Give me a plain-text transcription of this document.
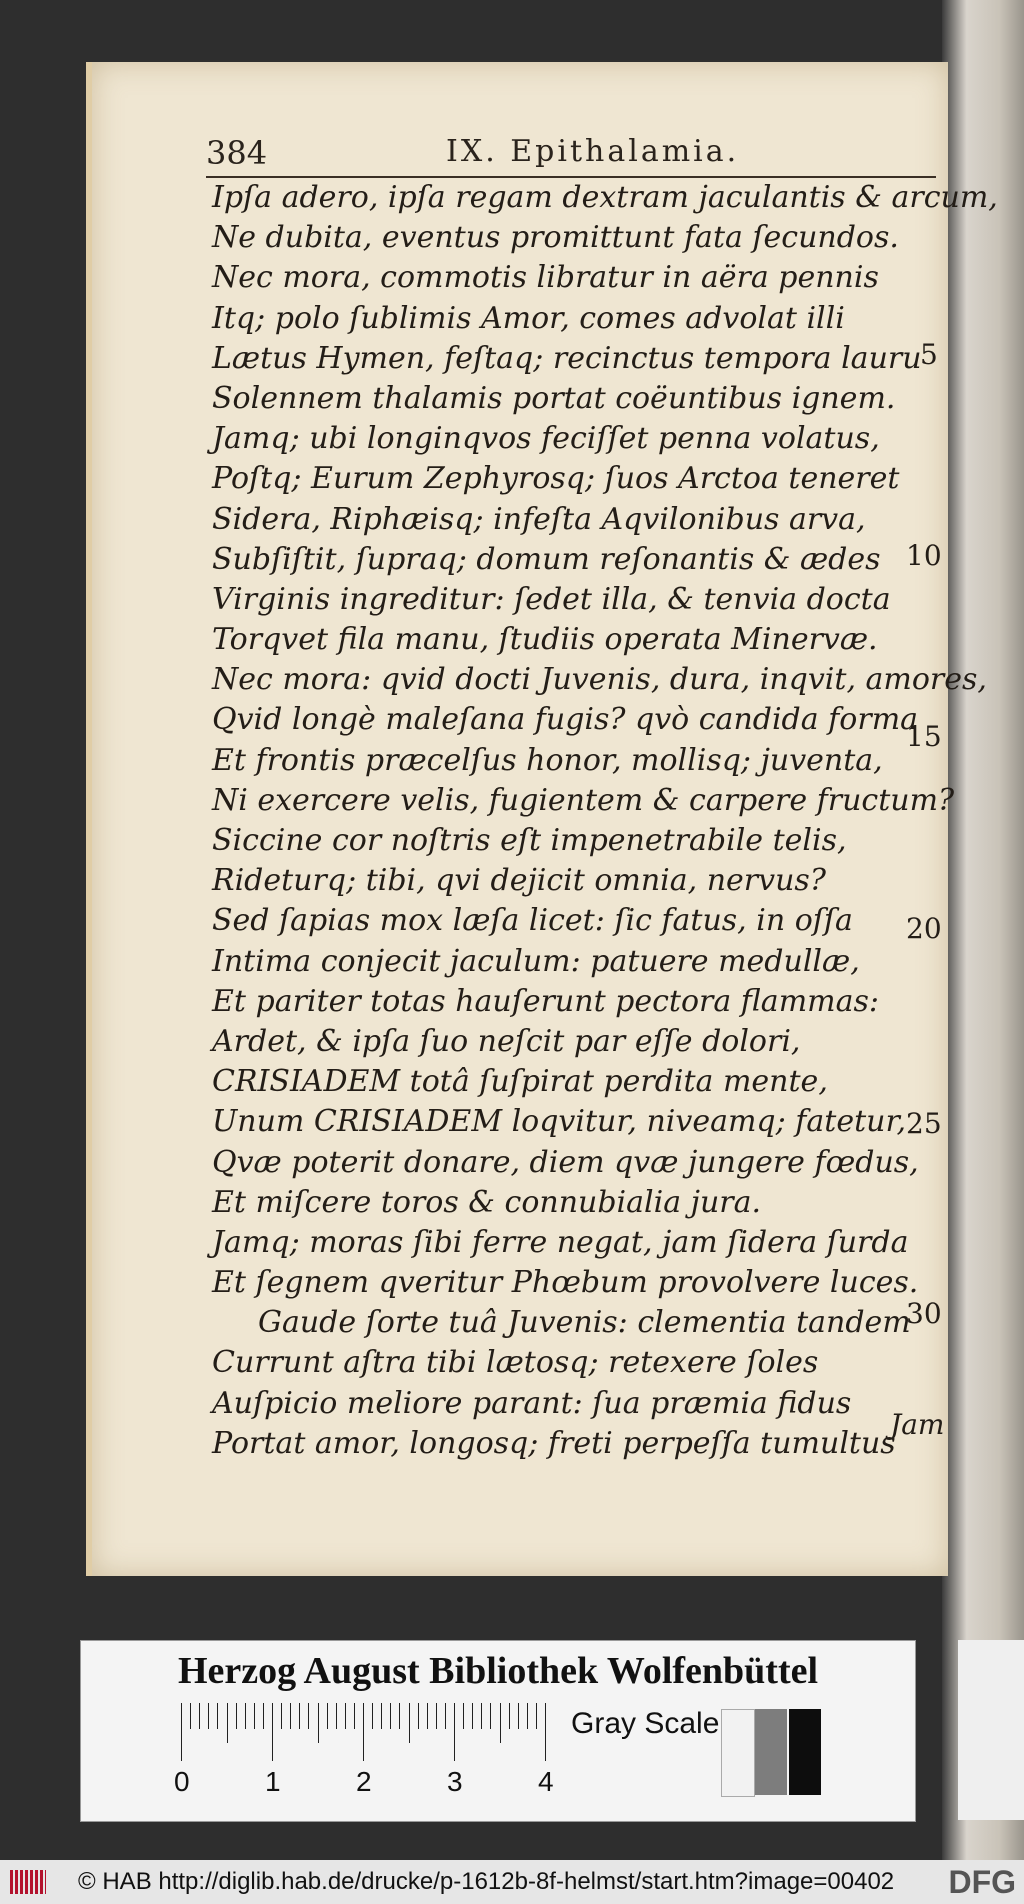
384	IX. Epithalamia.
Ipſa adero, ipſa regam dextram jaculantis & arcum,
Ne dubita, eventus promittunt fata ſecundos.
Nec mora, commotis libratur in aëra pennis
Itq; polo ſublimis Amor, comes advolat illi
Lætus Hymen, feſtaq; recinctus tempora lauru
Solennem thalamis portat coëuntibus ignem.
Jamq; ubi longinqvos feciſſet penna volatus,
Poſtq; Eurum Zephyrosq; ſuos Arctoa teneret
Sidera, Riphæisq; infeſta Aqvilonibus arva,
Subſiſtit, ſupraq; domum reſonantis & ædes
Virginis ingreditur: ſedet illa, & tenvia docta
Torqvet fila manu, ſtudiis operata Minervæ.
Nec mora: qvid docti Juvenis, dura, inqvit, amores,
Qvid longè maleſana fugis? qvò candida forma
Et frontis præcelſus honor, mollisq; juventa,
Ni exercere velis, fugientem & carpere fructum?
Siccine cor noſtris eſt impenetrabile telis,
Rideturq; tibi, qvi dejicit omnia, nervus?
Sed ſapias mox læſa licet: ſic fatus, in oſſa
Intima conjecit jaculum: patuere medullæ,
Et pariter totas hauſerunt pectora flammas:
Ardet, & ipſa ſuo neſcit par eſſe dolori,
CRISIADEM totâ ſuſpirat perdita mente,
Unum CRISIADEM loqvitur, niveamq; fatetur,
Qvæ poterit donare, diem qvæ jungere fœdus,
Et miſcere toros & connubialia jura.
Jamq; moras ſibi ferre negat, jam ſidera ſurda
Et ſegnem qveritur Phœbum provolvere luces.
Gaude ſorte tuâ Juvenis: clementia tandem
Currunt aſtra tibi lætosq; retexere ſoles
Auſpicio meliore parant: ſua præmia fidus
Portat amor, longosq; freti perpeſſa tumultus
5
10
15
20
25
30
Jam
Herzog August Bibliothek Wolfenbüttel
0	1	2	3	4
Gray Scale
© HAB http://diglib.hab.de/drucke/p-1612b-8f-helmst/start.htm?image=00402 DFG
